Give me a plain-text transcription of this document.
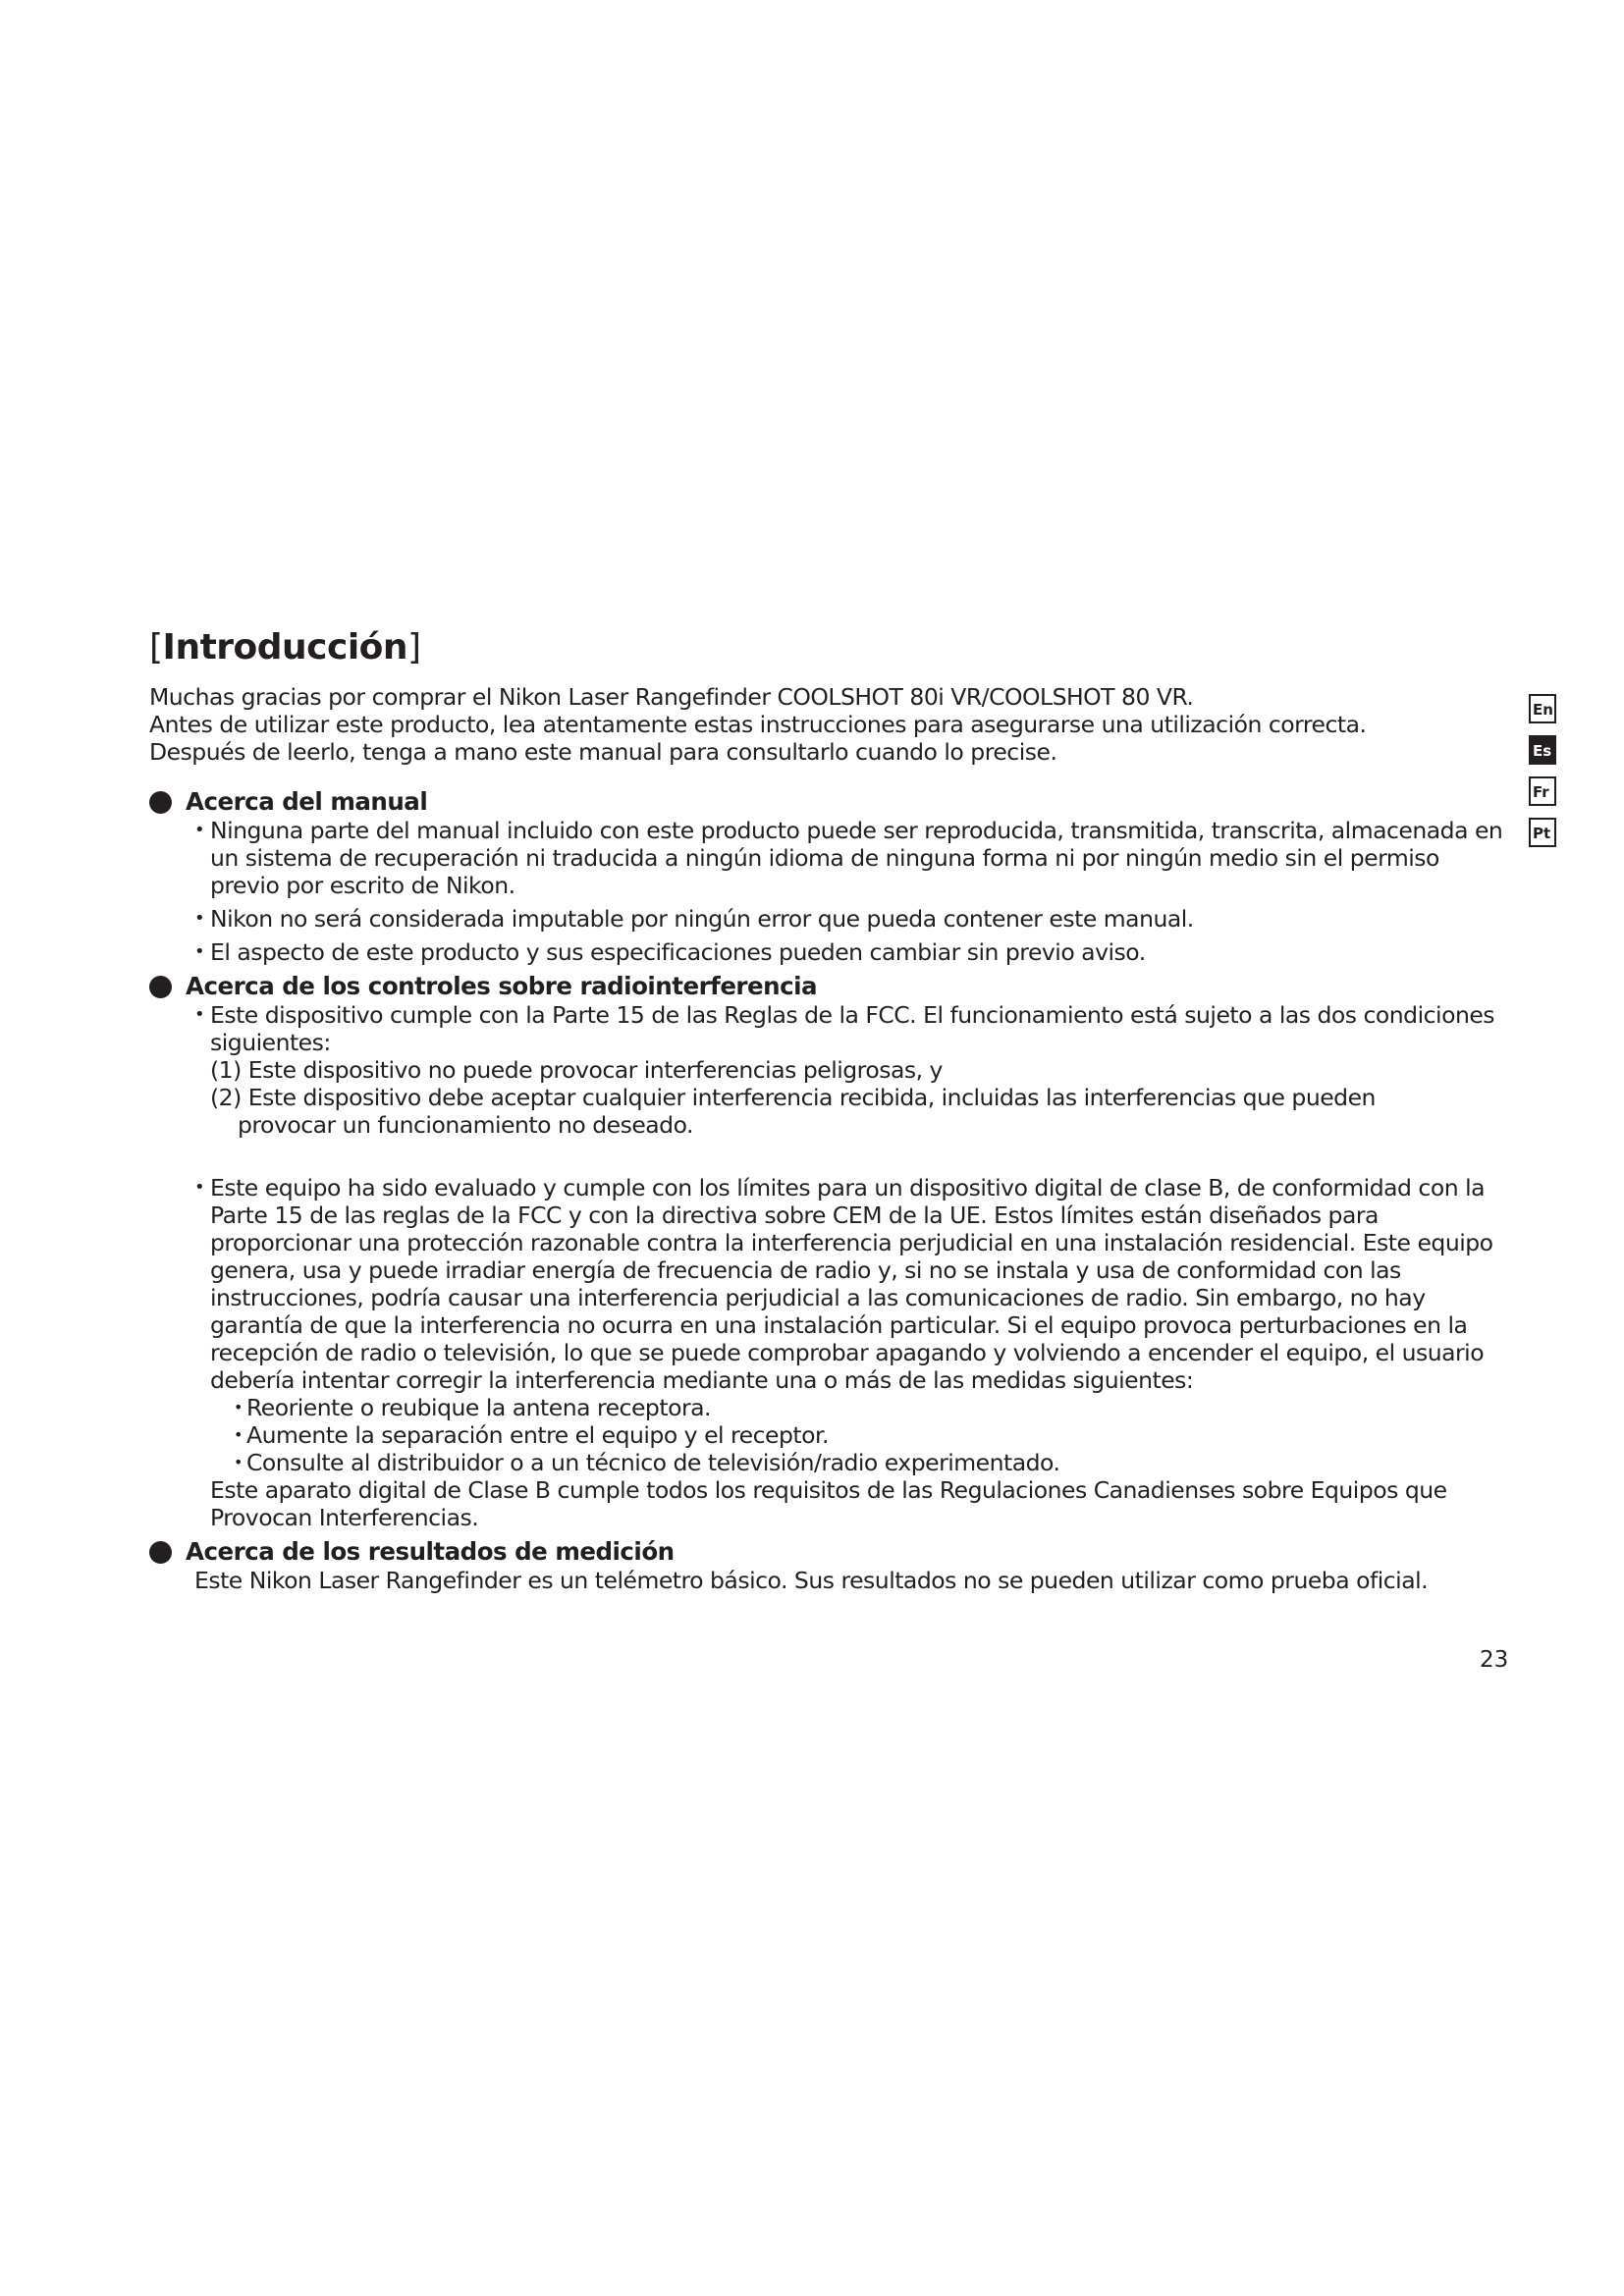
[Introducción]

Muchas gracias por comprar el Nikon Laser Rangefinder COOLSHOT 80i VR/COOLSHOT 80 VR.

Antes de utilizar este producto, lea atentamente estas instrucciones para asegurarse una utilización correcta.

Después de leerlo, tenga a mano este manual para consultarlo cuando lo precise.

Acerca del manual

• Ninguna parte del manual incluido con este producto puede ser reproducida, transmitida, transcrita, almacenada en un sistema de recuperación ni traducida a ningún idioma de ninguna forma ni por ningún medio sin el permiso previo por escrito de Nikon.

• Nikon no será considerada imputable por ningún error que pueda contener este manual.

• El aspecto de este producto y sus especificaciones pueden cambiar sin previo aviso.

Acerca de los controles sobre radiointerferencia

• Este dispositivo cumple con la Parte 15 de las Reglas de la FCC. El funcionamiento está sujeto a las dos condiciones siguientes:

(1) Este dispositivo no puede provocar interferencias peligrosas, y

(2) Este dispositivo debe aceptar cualquier interferencia recibida, incluidas las interferencias que pueden

provocar un funcionamiento no deseado.

• Este equipo ha sido evaluado y cumple con los límites para un dispositivo digital de clase B, de conformidad con la Parte 15 de las reglas de la FCC y con la directiva sobre CEM de la UE. Estos límites están diseñados para proporcionar una protección razonable contra la interferencia perjudicial en una instalación residencial. Este equipo genera, usa y puede irradiar energía de frecuencia de radio y, si no se instala y usa de conformidad con las instrucciones, podría causar una interferencia perjudicial a las comunicaciones de radio. Sin embargo, no hay garantía de que la interferencia no ocurra en una instalación particular. Si el equipo provoca perturbaciones en la recepción de radio o televisión, lo que se puede comprobar apagando y volviendo a encender el equipo, el usuario debería intentar corregir la interferencia mediante una o más de las medidas siguientes:

• Reoriente o reubique la antena receptora.
• Aumente la separación entre el equipo y el receptor.
• Consulte al distribuidor o a un técnico de televisión/radio experimentado.

Este aparato digital de Clase B cumple todos los requisitos de las Regulaciones Canadienses sobre Equipos que Provocan Interferencias.

Acerca de los resultados de medición

Este Nikon Laser Rangefinder es un telémetro básico. Sus resultados no se pueden utilizar como prueba oficial.

En
Es
Fr
Pt
23
